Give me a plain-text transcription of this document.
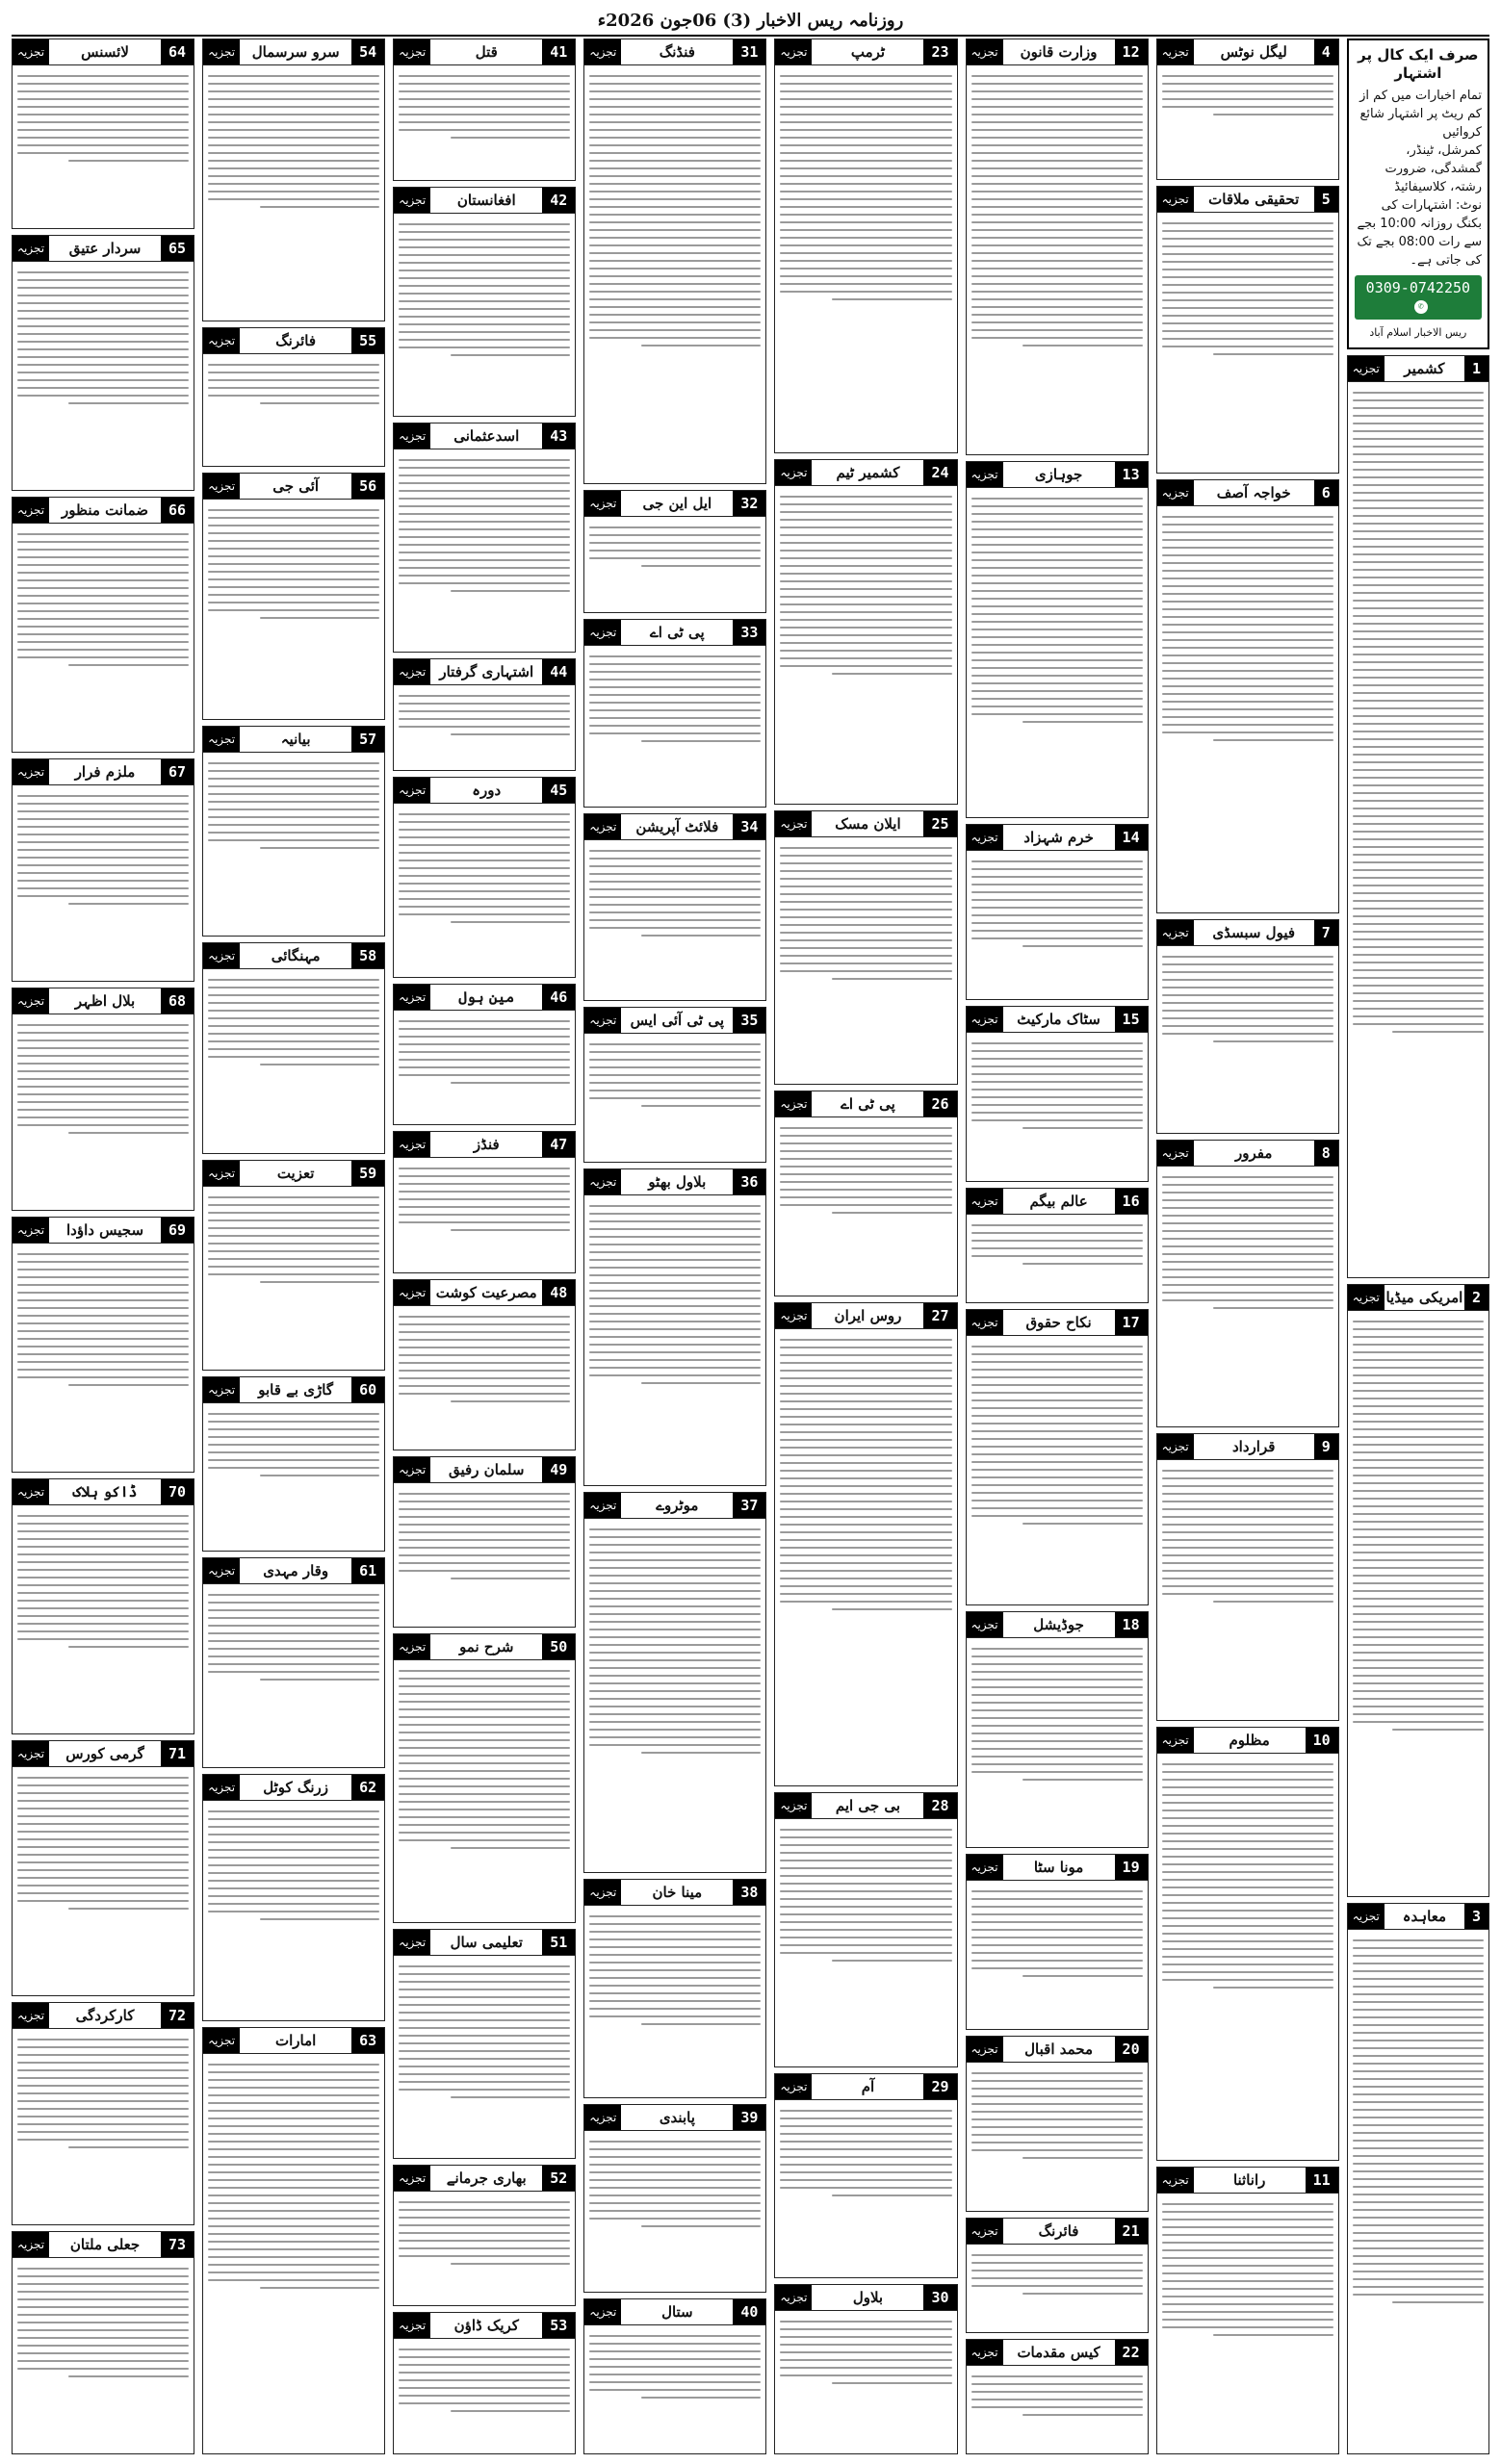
روزنامہ ریس الاخبار (3) 06جون 2026ء
صرف ایک کال پر اشتہار
تمام اخبارات میں کم از کم ریٹ پر اشتہار شائع کروائیں
کمرشل، ٹینڈر، گمشدگی، ضرورت رشتہ، کلاسیفائیڈ
نوٹ: اشتہارات کی بکنگ روزانہ 10:00 بجے سے رات 08:00 بجے تک کی جاتی ہے۔
0309-0742250✆
ریس الاخبار اسلام آباد
1
کشمیر
تجزیہ
2
امریکی میڈیا
تجزیہ
3
معاہدہ
تجزیہ
4
لیگل نوٹس
تجزیہ
5
تحقیقی ملاقات
تجزیہ
6
خواجہ آصف
تجزیہ
7
فیول سبسڈی
تجزیہ
8
مفرور
تجزیہ
9
قرارداد
تجزیہ
10
مظلوم
تجزیہ
11
راناثنا
تجزیہ
12
وزارت قانون
تجزیہ
13
جوہازی
تجزیہ
14
خرم شہزاد
تجزیہ
15
سٹاک مارکیٹ
تجزیہ
16
عالم بیگم
تجزیہ
17
نکاح حقوق
تجزیہ
18
جوڈیشل
تجزیہ
19
مونا سٹا
تجزیہ
20
محمد اقبال
تجزیہ
21
فائرنگ
تجزیہ
22
کیس مقدمات
تجزیہ
23
ٹرمپ
تجزیہ
24
کشمیر ٹیم
تجزیہ
25
ایلان مسک
تجزیہ
26
پی ٹی اے
تجزیہ
27
روس ایران
تجزیہ
28
بی جی ایم
تجزیہ
29
آم
تجزیہ
30
بلاول
تجزیہ
31
فنڈنگ
تجزیہ
32
ایل این جی
تجزیہ
33
پی ٹی اے
تجزیہ
34
فلائٹ آپریشن
تجزیہ
35
پی ٹی آئی ایس
تجزیہ
36
بلاول بھٹو
تجزیہ
37
موٹروے
تجزیہ
38
مینا خان
تجزیہ
39
پابندی
تجزیہ
40
ستال
تجزیہ
41
قتل
تجزیہ
42
افغانستان
تجزیہ
43
اسدعثمانی
تجزیہ
44
اشتہاری گرفتار
تجزیہ
45
دورہ
تجزیہ
46
مین ہول
تجزیہ
47
فنڈز
تجزیہ
48
مصرعیت کوشت
تجزیہ
49
سلمان رفیق
تجزیہ
50
شرح نمو
تجزیہ
51
تعلیمی سال
تجزیہ
52
بھاری جرمانے
تجزیہ
53
کریک ڈاؤن
تجزیہ
54
سرو سرسمال
تجزیہ
55
فائرنگ
تجزیہ
56
آئی جی
تجزیہ
57
بیانیہ
تجزیہ
58
مہنگائی
تجزیہ
59
تعزیت
تجزیہ
60
گاڑی بے قابو
تجزیہ
61
وقار مہدی
تجزیہ
62
زرنگ کوٹل
تجزیہ
63
امارات
تجزیہ
64
لائسنس
تجزیہ
65
سردار عتیق
تجزیہ
66
ضمانت منظور
تجزیہ
67
ملزم فرار
تجزیہ
68
بلال اظہر
تجزیہ
69
سجیس داؤدا
تجزیہ
70
ڈاکو ہلاک
تجزیہ
71
گرمی کورس
تجزیہ
72
کارکردگی
تجزیہ
73
جعلی ملتان
تجزیہ
